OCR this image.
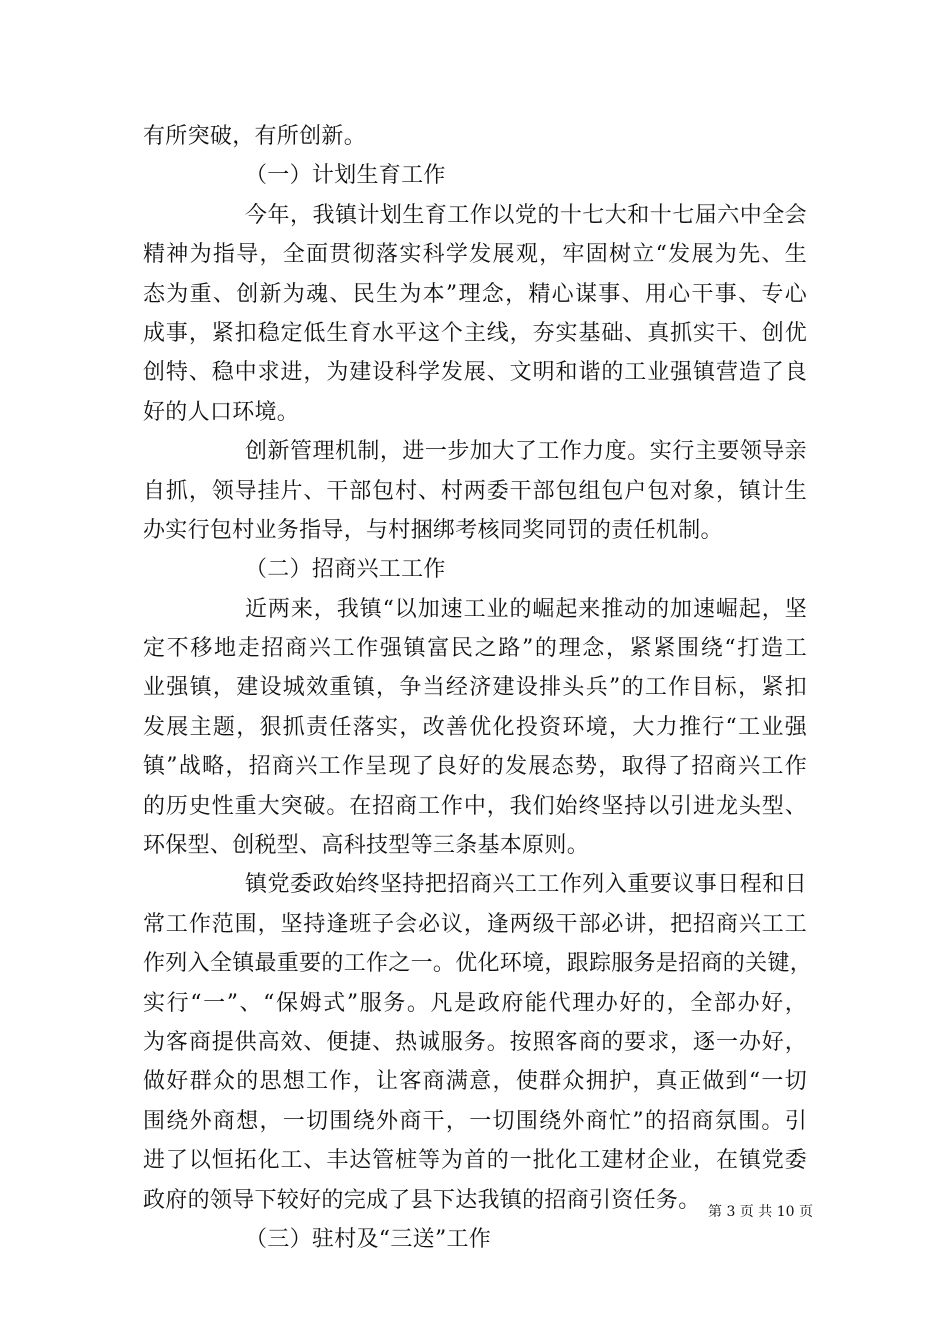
有所突破，有所创新。
（一）计划生育工作
今年，我镇计划生育工作以党的十七大和十七届六中全会
精神为指导，全面贯彻落实科学发展观，牢固树立“发展为先、生
态为重、创新为魂、民生为本”理念，精心谋事、用心干事、专心
成事，紧扣稳定低生育水平这个主线，夯实基础、真抓实干、创优
创特、稳中求进，为建设科学发展、文明和谐的工业强镇营造了良
好的人口环境。
创新管理机制，进一步加大了工作力度。实行主要领导亲
自抓，领导挂片、干部包村、村两委干部包组包户包对象，镇计生
办实行包村业务指导，与村捆绑考核同奖同罚的责任机制。
（二）招商兴工工作
近两来，我镇“以加速工业的崛起来推动的加速崛起，坚
定不移地走招商兴工作强镇富民之路”的理念，紧紧围绕“打造工
业强镇，建设城效重镇，争当经济建设排头兵”的工作目标，紧扣
发展主题，狠抓责任落实，改善优化投资环境，大力推行“工业强
镇”战略，招商兴工作呈现了良好的发展态势，取得了招商兴工作
的历史性重大突破。在招商工作中，我们始终坚持以引进龙头型、
环保型、创税型、高科技型等三条基本原则。
镇党委政始终坚持把招商兴工工作列入重要议事日程和日
常工作范围，坚持逢班子会必议，逢两级干部必讲，把招商兴工工
作列入全镇最重要的工作之一。优化环境，跟踪服务是招商的关键，
实行“一”、“保姆式”服务。凡是政府能代理办好的，全部办好，
为客商提供高效、便捷、热诚服务。按照客商的要求，逐一办好，
做好群众的思想工作，让客商满意，使群众拥护，真正做到“一切
围绕外商想，一切围绕外商干，一切围绕外商忙”的招商氛围。引
进了以恒拓化工、丰达管桩等为首的一批化工建材企业，在镇党委
政府的领导下较好的完成了县下达我镇的招商引资任务。
（三）驻村及“三送”工作
第 3 页 共 10 页
